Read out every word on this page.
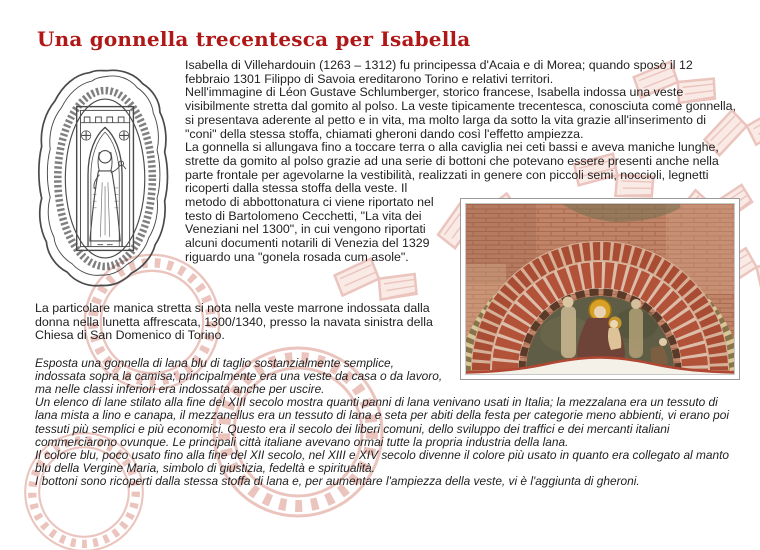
Una gonnella trecentesca per Isabella

Isabella di Villehardouin (1263 – 1312) fu principessa d'Acaia e di Morea; quando sposò il 12 febbraio 1301 Filippo di Savoia ereditarono Torino e relativi territori.

Nell'immagine di Léon Gustave Schlumberger, storico francese, Isabella indossa una veste visibilmente stretta dal gomito al polso. La veste tipicamente trecentesca, conosciuta come gonnella, si presentava aderente al petto e in vita, ma molto larga da sotto la vita grazie all'inserimento di "coni" della stessa stoffa, chiamati gheroni dando così l'effetto ampiezza.

La gonnella si allungava fino a toccare terra o alla caviglia nei ceti bassi e aveva maniche lunghe, strette da gomito al polso grazie ad una serie di bottoni che potevano essere presenti anche nella parte frontale per agevolarne la vestibilità, realizzati in genere con piccoli semi, noccioli, legnetti ricoperti dalla stessa stoffa della veste. Il metodo di abbottonatura ci viene riportato nel testo di Bartolomeno Cecchetti, "La vita dei Veneziani nel 1300", in cui vengono riportati alcuni documenti notarili di Venezia del 1329 riguardo una "gonela rosada cum asole".

La particolare manica stretta si nota nella veste marrone indossata dalla donna nella lunetta affrescata, 1300/1340, presso la navata sinistra della Chiesa di San Domenico di Torino.

Esposta una gonnella di lana blu di taglio sostanzialmente semplice, indossata sopra la camisa; principalmente era una veste da casa o da lavoro, ma nelle classi inferiori era indossata anche per uscire.

Un elenco di lane stilato alla fine del XIII secolo mostra quanti panni di lana venivano usati in Italia; la mezzalana era un tessuto di lana mista a lino e canapa, il mezzanellus era un tessuto di lana e seta per abiti della festa per categorie meno abbienti, vi erano poi tessuti più semplici e più economici. Questo era il secolo dei liberi comuni, dello sviluppo dei traffici e dei mercanti italiani commerciarono ovunque. Le principali città italiane avevano ormai tutte la propria industria della lana.

Il colore blu, poco usato fino alla fine del XII secolo, nel XIII e XIV secolo divenne il colore più usato in quanto era collegato al manto blu della Vergine Maria, simbolo di giustizia, fedeltà e spiritualità.

I bottoni sono ricoperti dalla stessa stoffa di lana e, per aumentare l'ampiezza della veste, vi è l'aggiunta di gheroni.
